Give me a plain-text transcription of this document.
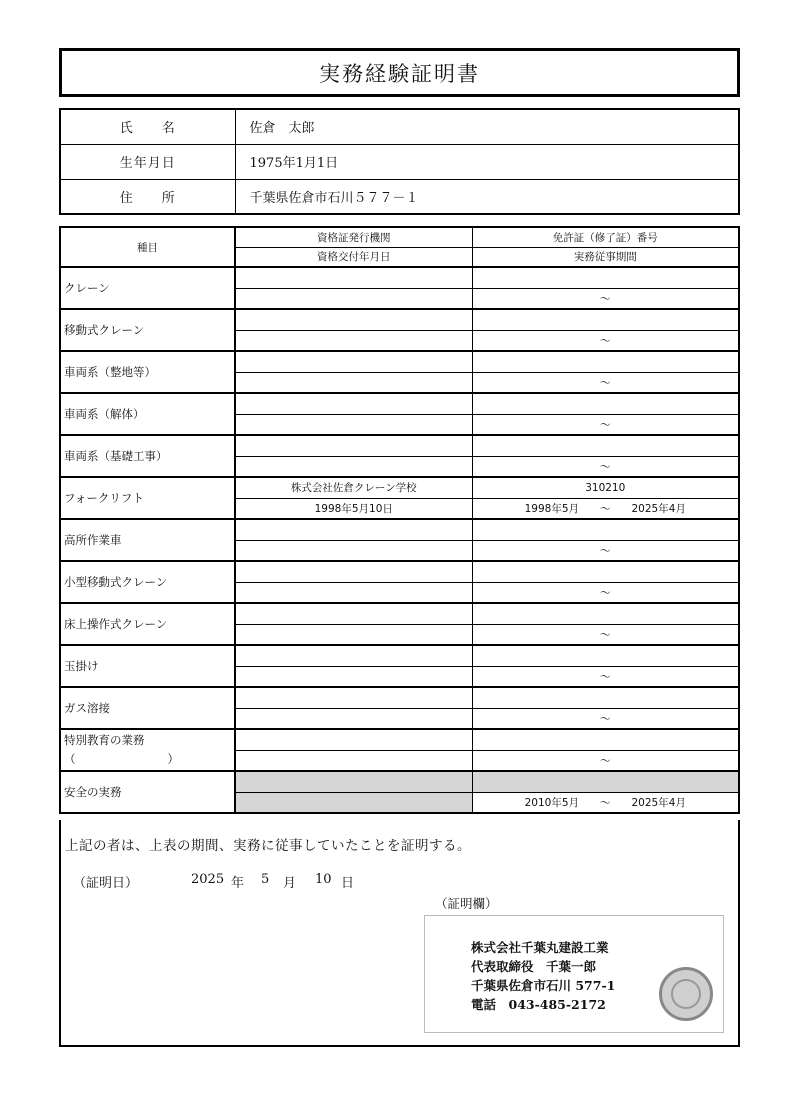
実務経験証明書
氏　　名	佐倉　太郎
生年月日	1975年1月1日
住　　所	千葉県佐倉市石川５７７－１
種目	資格証発行機関	免許証（修了証）番号
	資格交付年月日	実務従事期間
クレーン		
		～
移動式クレーン		
		～
車両系（整地等）		
		～
車両系（解体）		
		～
車両系（基礎工事）		
		～
フォークリフト	株式会社佐倉クレーン学校	310210
	1998年5月10日	1998年5月　　～　　2025年4月
高所作業車		
		～
小型移動式クレーン		
		～
床上操作式クレーン		
		～
玉掛け		
		～
ガス溶接		
		～
特別教育の業務
（　　　　　　　　）		
		～
安全の実務		
		2010年5月　　～　　2025年4月
上記の者は、上表の期間、実務に従事していたことを証明する。
（証明日）	2025 年	5	月	10 日
（証明欄）
株式会社千葉丸建設工業
代表取締役　千葉一郎
千葉県佐倉市石川 577-1
電話　043-485-2172
